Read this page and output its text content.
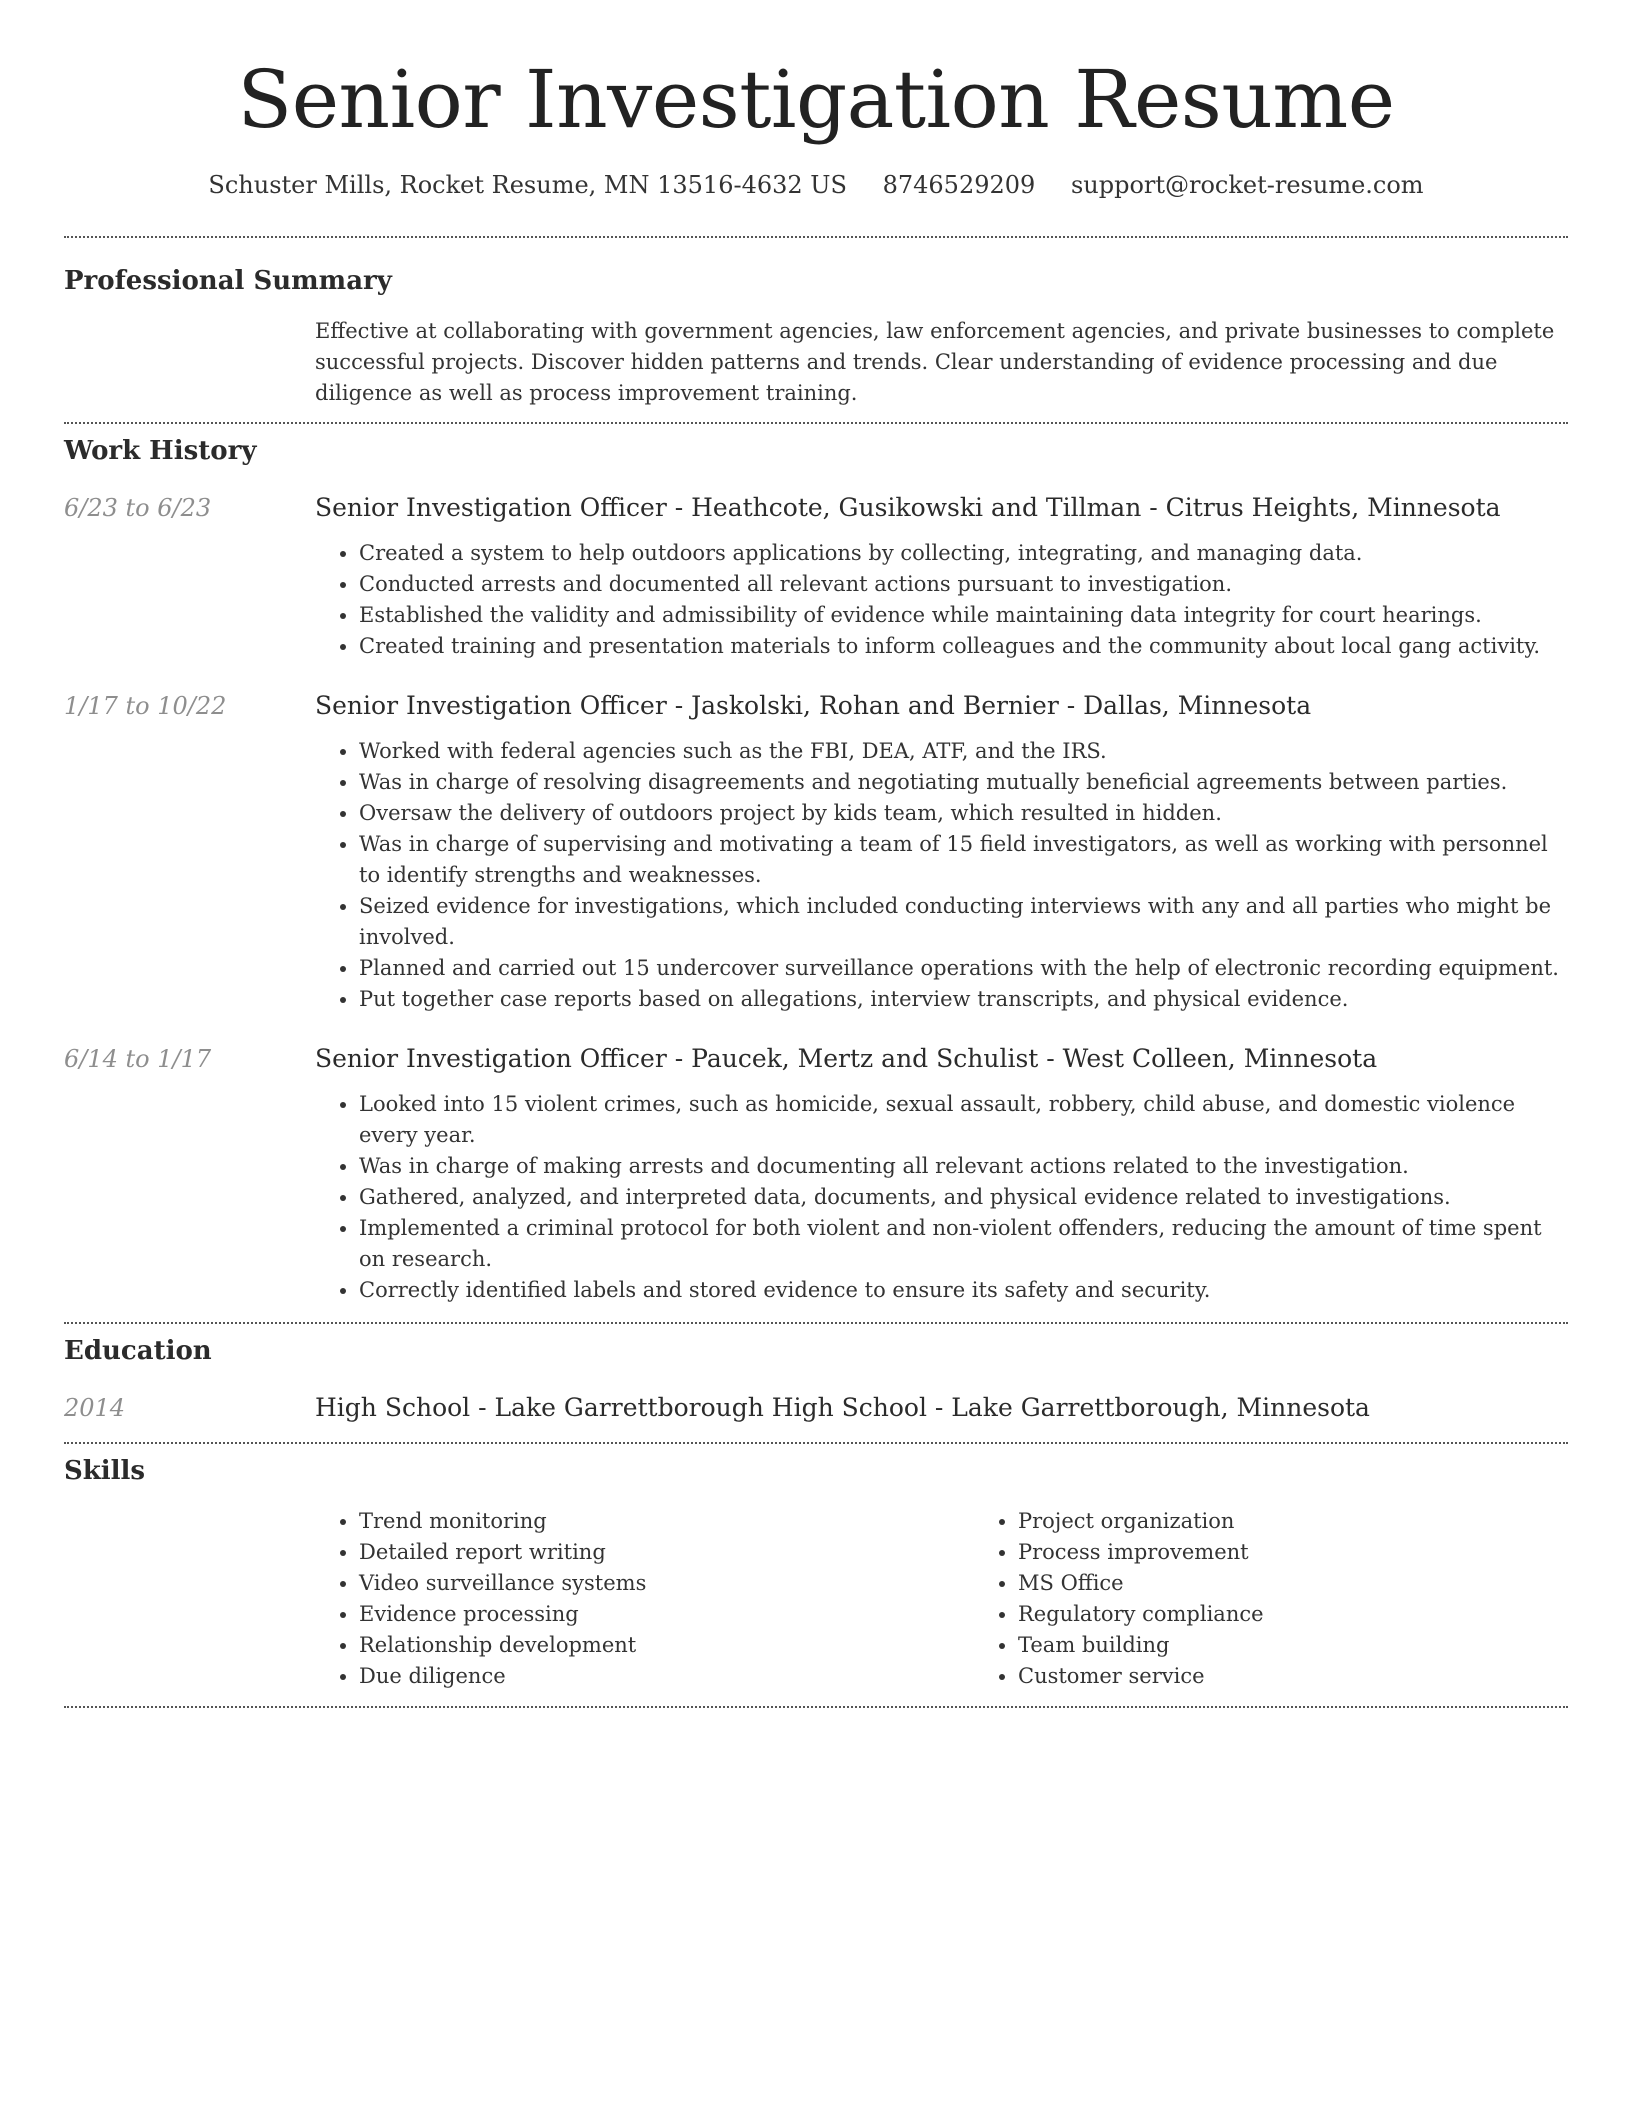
Senior Investigation Resume
Schuster Mills, Rocket Resume, MN 13516-4632 US 8746529209 support@rocket-resume.com
Professional Summary

Effective at collaborating with government agencies, law enforcement agencies, and private businesses to complete successful projects. Discover hidden patterns and trends. Clear understanding of evidence processing and due diligence as well as process improvement training.

Work History
6/23 to 6/23	Senior Investigation Officer - Heathcote, Gusikowski and Tillman - Citrus Heights, Minnesota
• Created a system to help outdoors applications by collecting, integrating, and managing data.
• Conducted arrests and documented all relevant actions pursuant to investigation.
• Established the validity and admissibility of evidence while maintaining data integrity for court hearings.
• Created training and presentation materials to inform colleagues and the community about local gang activity.
1/17 to 10/22	Senior Investigation Officer - Jaskolski, Rohan and Bernier - Dallas, Minnesota
• Worked with federal agencies such as the FBI, DEA, ATF, and the IRS.
• Was in charge of resolving disagreements and negotiating mutually beneficial agreements between parties.
• Oversaw the delivery of outdoors project by kids team, which resulted in hidden.
• Was in charge of supervising and motivating a team of 15 field investigators, as well as working with personnel to identify strengths and weaknesses.
• Seized evidence for investigations, which included conducting interviews with any and all parties who might be involved.
• Planned and carried out 15 undercover surveillance operations with the help of electronic recording equipment.
• Put together case reports based on allegations, interview transcripts, and physical evidence.
6/14 to 1/17	Senior Investigation Officer - Paucek, Mertz and Schulist - West Colleen, Minnesota
• Looked into 15 violent crimes, such as homicide, sexual assault, robbery, child abuse, and domestic violence every year.
• Was in charge of making arrests and documenting all relevant actions related to the investigation.
• Gathered, analyzed, and interpreted data, documents, and physical evidence related to investigations.
• Implemented a criminal protocol for both violent and non-violent offenders, reducing the amount of time spent on research.
• Correctly identified labels and stored evidence to ensure its safety and security.
Education
2014	High School - Lake Garrettborough High School - Lake Garrettborough, Minnesota
Skills
• Trend monitoring
• Detailed report writing
• Video surveillance systems
• Evidence processing
• Relationship development
• Due diligence
• Project organization
• Process improvement
• MS Office
• Regulatory compliance
• Team building
• Customer service
